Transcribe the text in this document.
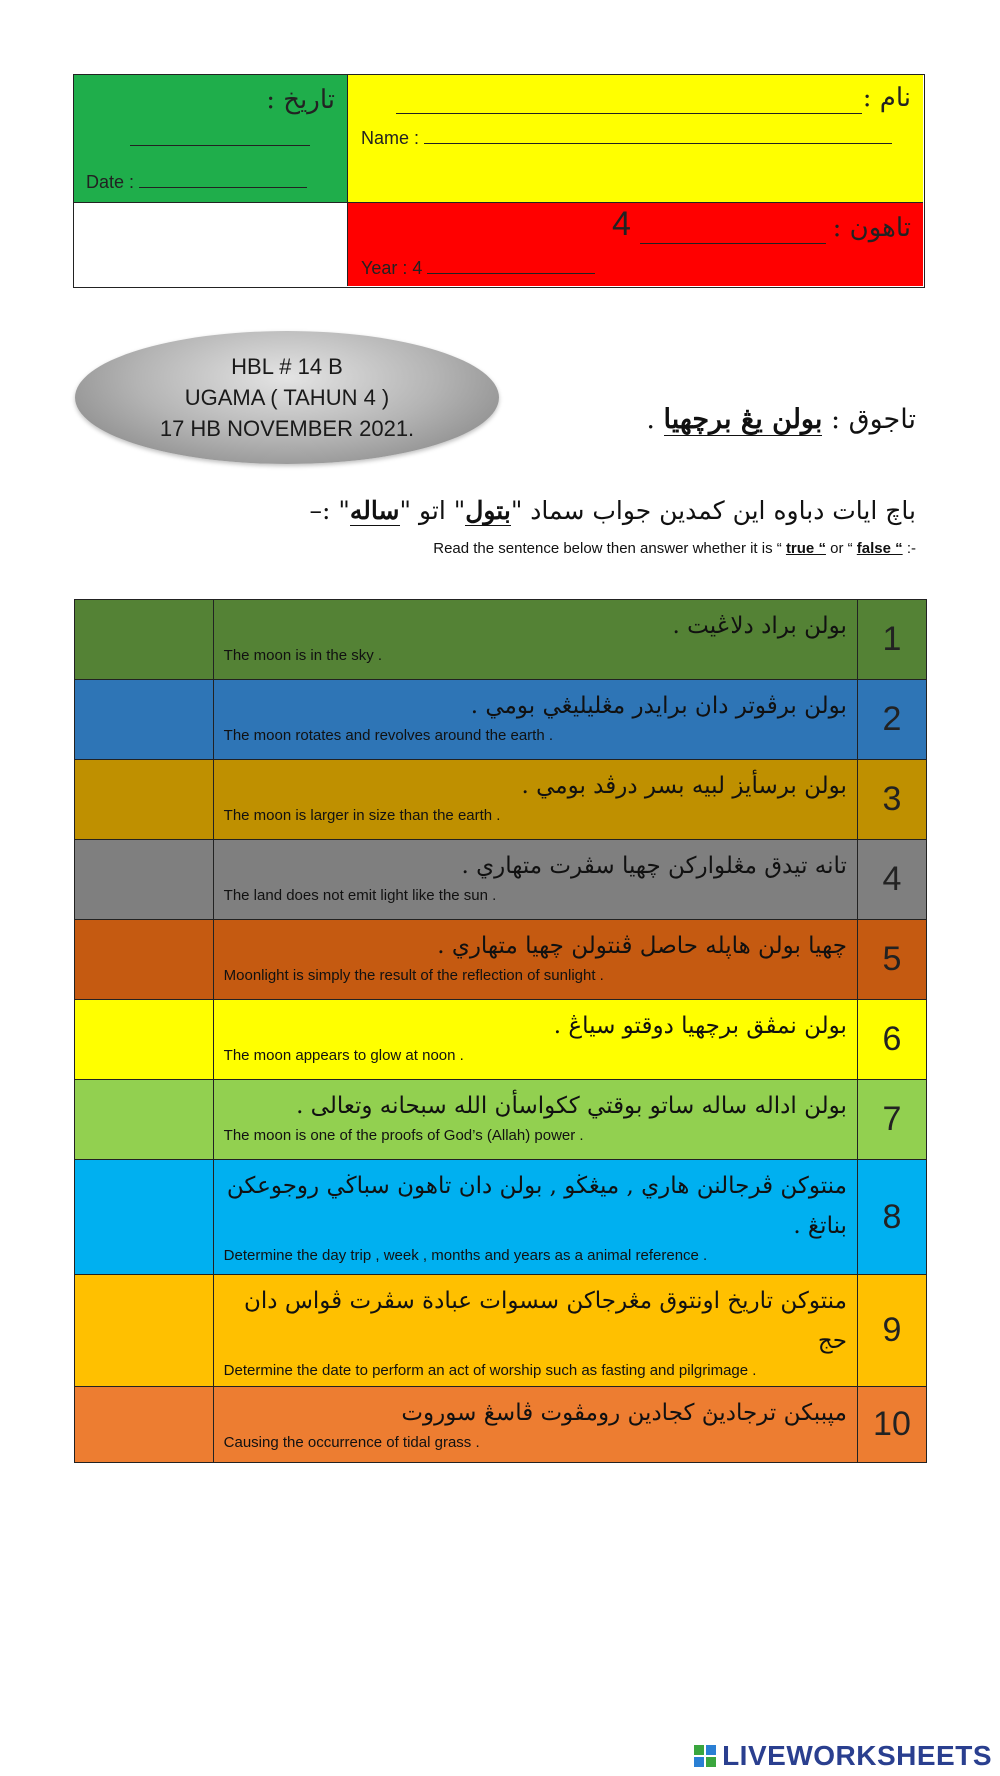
تاريخ :
Date :
نام :
Name :
تاهون :
4
Year : 4
HBL # 14 B
UGAMA ( TAHUN 4 )
17 HB NOVEMBER 2021.	تاجوق : بولن يڠ برچهيا .
باچ ايات دباوه اين كمدين جواب سماد "بتول" اتو "ساله" :–
Read the sentence below then answer whether it is “ true “ or “ false “ :-

	بولن براد دلاڠيت .
The moon is in the sky .	1

	بولن برڤوتر دان برايدر مڠليليڠي بومي .
The moon rotates and revolves around the earth .	2

	بولن برسأيز لبيه بسر درڤد بومي .
The moon is larger in size than the earth .	3

	تانه تيدق مڠلواركن چهيا سڤرت متهاري .
The land does not emit light like the sun .	4

	چهيا بولن هاڽله حاصل ڤنتولن چهيا متهاري .
Moonlight is simply the result of the reflection of sunlight .	5

	بولن نمڤق برچهيا دوقتو سياڠ .
The moon appears to glow at noon .	6

	بولن اداله ساله ساتو بوقتي ككواسأن الله سبحانه وتعالى .
The moon is one of the proofs of God’s (Allah) power .	7

	منتوكن ڤرجالنن هاري , ميڠڬو , بولن دان تاهون سباڬي روجوعكن بناتڠ .
Determine the day trip , week , months and years as a animal reference .	8

	منتوكن تاريخ اونتوق مڠرجاكن سسوات عبادة سڤرت ڤواس دان حج
Determine the date to perform an act of worship such as fasting and pilgrimage .	9

	مپببكن ترجاديڽ كجادين رومڤوت ڤاسڠ سوروت
Causing the occurrence of tidal grass .	10
LIVEWORKSHEETS
